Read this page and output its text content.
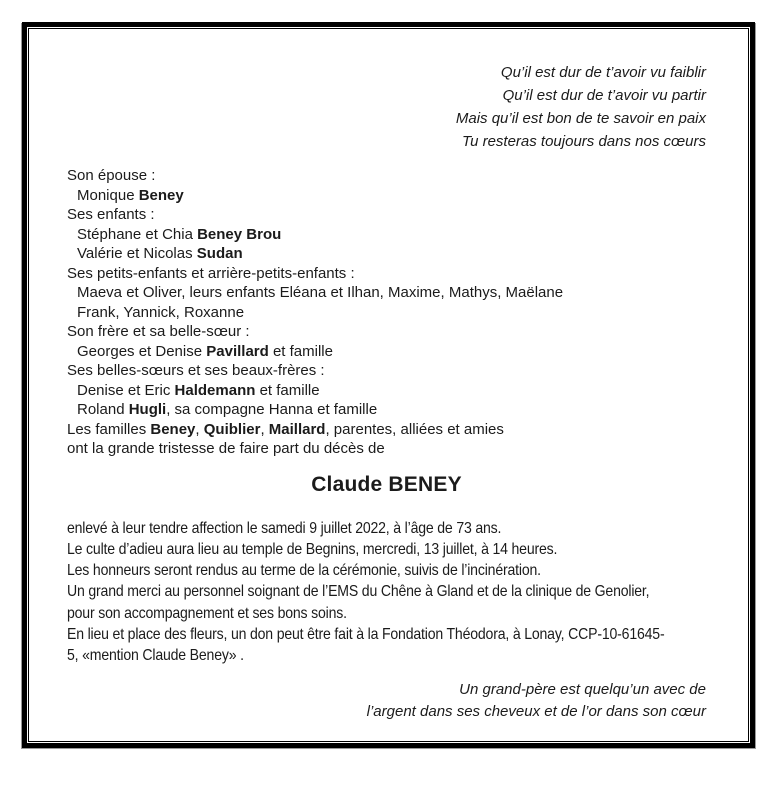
Qu’il est dur de t’avoir vu faiblir
Qu’il est dur de t’avoir vu partir
Mais qu’il est bon de te savoir en paix
Tu resteras toujours dans nos cœurs
Son épouse :
Monique Beney
Ses enfants :
Stéphane et Chia Beney Brou
Valérie et Nicolas Sudan
Ses petits-enfants et arrière-petits-enfants :
Maeva et Oliver, leurs enfants Eléana et Ilhan, Maxime, Mathys, Maëlane
Frank, Yannick, Roxanne
Son frère et sa belle-sœur :
Georges et Denise Pavillard et famille
Ses belles-sœurs et ses beaux-frères :
Denise et Eric Haldemann et famille
Roland Hugli, sa compagne Hanna et famille
Les familles Beney, Quiblier, Maillard, parentes, alliées et amies
ont la grande tristesse de faire part du décès de
Claude BENEY
enlevé à leur tendre affection le samedi 9 juillet 2022, à l’âge de 73 ans.
Le culte d’adieu aura lieu au temple de Begnins, mercredi, 13 juillet, à 14 heures.
Les honneurs seront rendus au terme de la cérémonie, suivis de l’incinération.
Un grand merci au personnel soignant de l’EMS du Chêne à Gland et de la clinique de Genolier,
pour son accompagnement et ses bons soins.
En lieu et place des fleurs, un don peut être fait à la Fondation Théodora, à Lonay, CCP-10-61645-
5, «mention Claude Beney» .
Un grand-père est quelqu’un avec de
l’argent dans ses cheveux et de l’or dans son cœur
